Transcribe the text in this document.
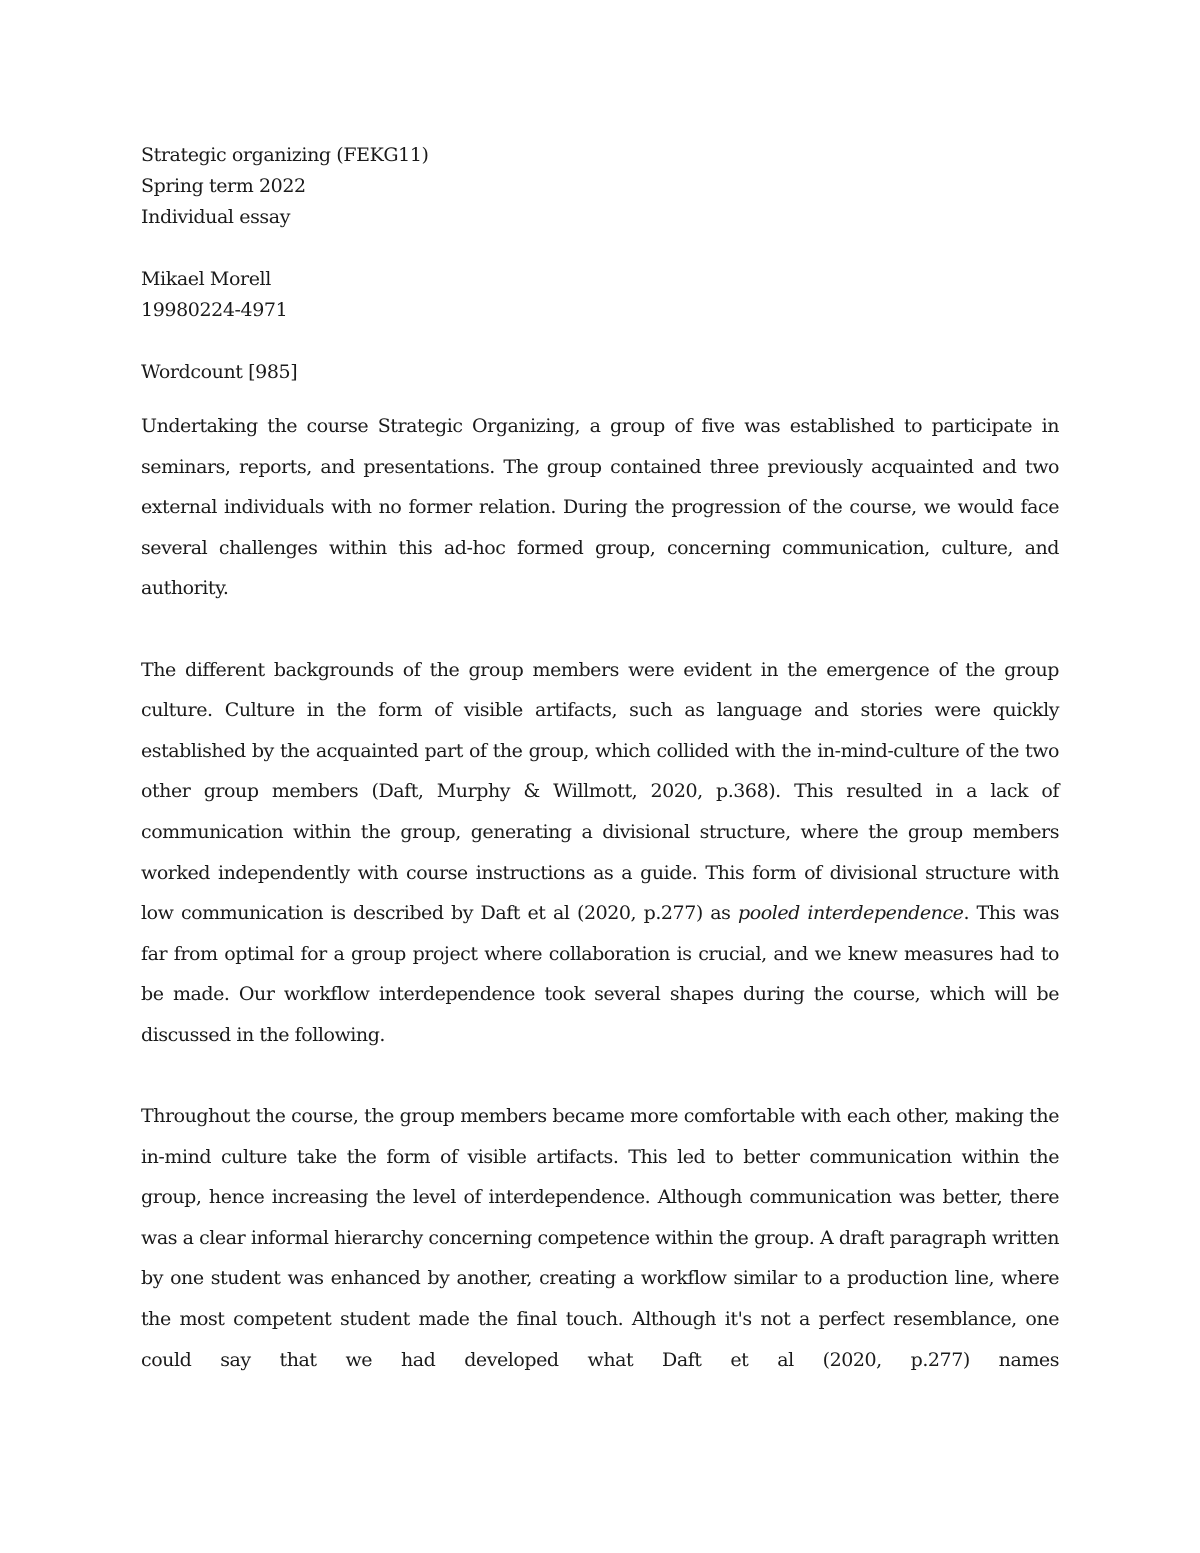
Strategic organizing (FEKG11)
Spring term 2022
Individual essay
Mikael Morell
19980224-4971
Wordcount [985]

Undertaking the course Strategic Organizing, a group of five was established to participate in seminars, reports, and presentations. The group contained three previously acquainted and two external individuals with no former relation. During the progression of the course, we would face several challenges within this ad-hoc formed group, concerning communication, culture, and authority.

The different backgrounds of the group members were evident in the emergence of the group culture. Culture in the form of visible artifacts, such as language and stories were quickly established by the acquainted part of the group, which collided with the in-mind-culture of the two other group members (Daft, Murphy & Willmott, 2020, p.368). This resulted in a lack of communication within the group, generating a divisional structure, where the group members worked independently with course instructions as a guide. This form of divisional structure with low communication is described by Daft et al (2020, p.277) as pooled interdependence. This was far from optimal for a group project where collaboration is crucial, and we knew measures had to be made. Our workflow interdependence took several shapes during the course, which will be discussed in the following.

Throughout the course, the group members became more comfortable with each other, making the in-mind culture take the form of visible artifacts. This led to better communication within the group, hence increasing the level of interdependence. Although communication was better, there was a clear informal hierarchy concerning competence within the group. A draft paragraph written by one student was enhanced by another, creating a workflow similar to a production line, where the most competent student made the final touch. Although it's not a perfect resemblance, one could say that we had developed what Daft et al (2020, p.277) names
